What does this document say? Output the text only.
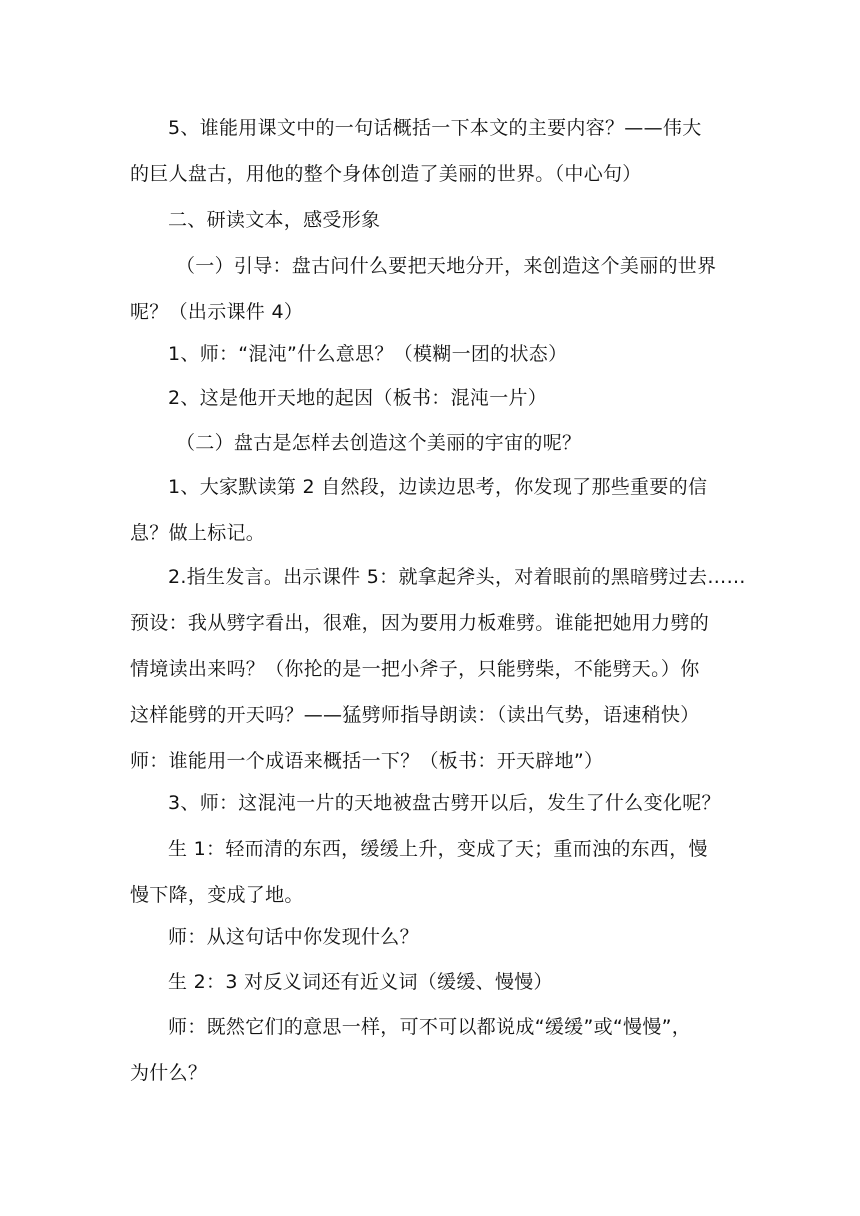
5、谁能用课文中的一句话概括一下本文的主要内容？——伟大
的巨人盘古，用他的整个身体创造了美丽的世界。（中心句）

二、研读文本，感受形象

（一）引导：盘古问什么要把天地分开，来创造这个美丽的世界
呢？（出示课件 4）

1、师：“混沌”什么意思？（模糊一团的状态）

2、这是他开天地的起因（板书：混沌一片）

（二）盘古是怎样去创造这个美丽的宇宙的呢？

1、大家默读第 2 自然段，边读边思考，你发现了那些重要的信
息？做上标记。

2.指生发言。出示课件 5：就拿起斧头，对着眼前的黑暗劈过去……
预设：我从劈字看出，很难，因为要用力板难劈。谁能把她用力劈的
情境读出来吗？（你抡的是一把小斧子，只能劈柴，不能劈天。）你
这样能劈的开天吗？——猛劈师指导朗读：（读出气势，语速稍快）
师：谁能用一个成语来概括一下？（板书：开天辟地”）

3、师：这混沌一片的天地被盘古劈开以后，发生了什么变化呢？

生 1：轻而清的东西，缓缓上升，变成了天；重而浊的东西，慢
慢下降，变成了地。

师：从这句话中你发现什么？

生 2：3 对反义词还有近义词（缓缓、慢慢）

师：既然它们的意思一样，可不可以都说成“缓缓”或“慢慢”，
为什么？
